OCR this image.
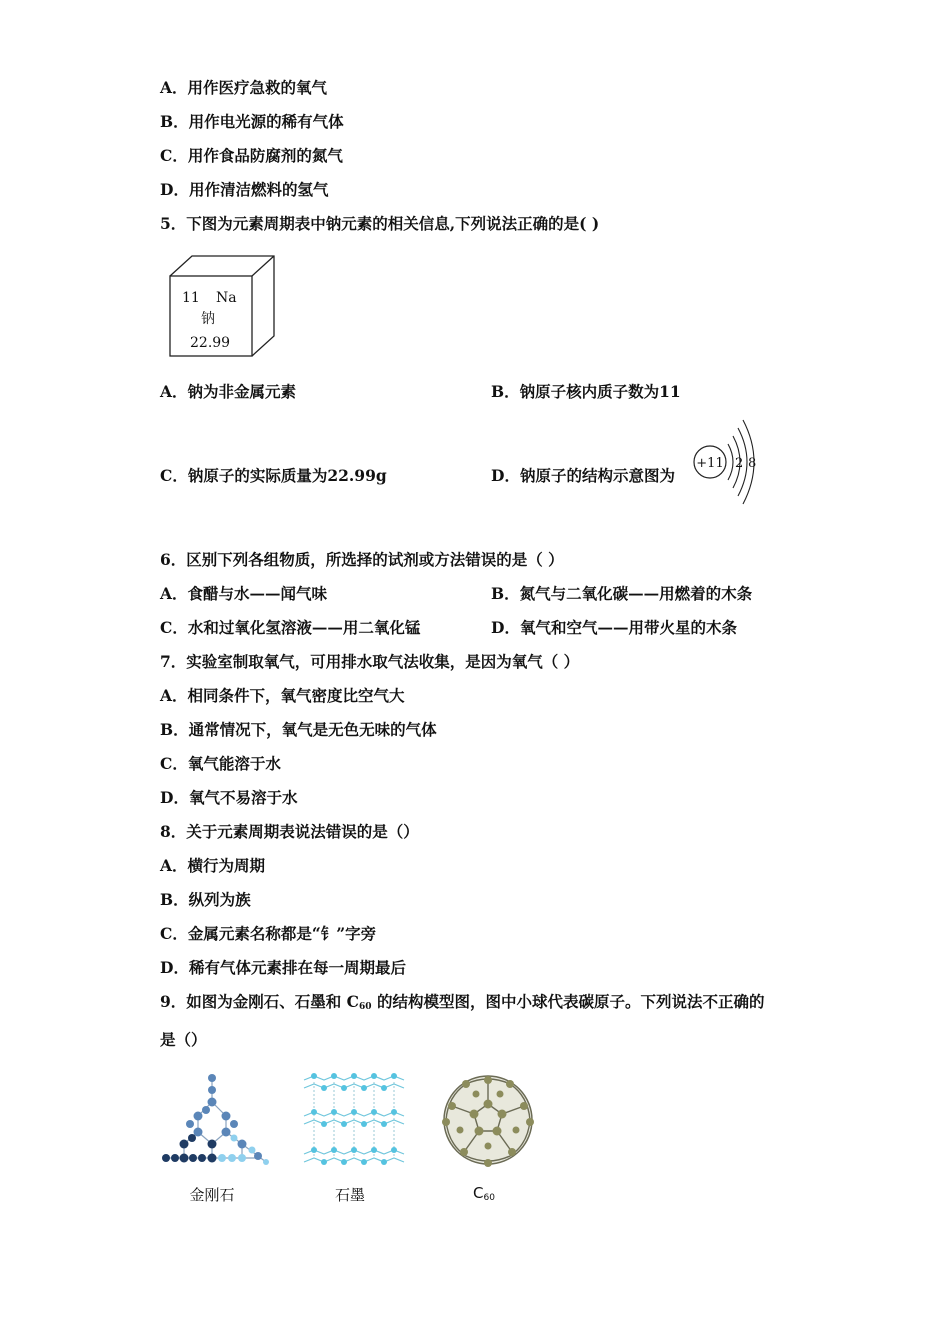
A．用作医疗急救的氧气
B．用作电光源的稀有气体
C．用作食品防腐剂的氮气
D．用作清洁燃料的氢气
5．下图为元素周期表中钠元素的相关信息,下列说法正确的是( )
11 Na
钠
22.99
A．钠为非金属元素	B．钠原子核内质子数为11
C．钠原子的实际质量为22.99g	D．钠原子的结构示意图为
+11 2 8
6．区别下列各组物质，所选择的试剂或方法错误的是（ ）
A．食醋与水——闻气味	B．氮气与二氧化碳——用燃着的木条
C．水和过氧化氢溶液——用二氧化锰	D．氧气和空气——用带火星的木条
7．实验室制取氧气，可用排水取气法收集，是因为氧气（ ）
A．相同条件下，氧气密度比空气大
B．通常情况下，氧气是无色无味的气体
C．氧气能溶于水
D．氧气不易溶于水
8．关于元素周期表说法错误的是（）
A．横行为周期
B．纵列为族
C．金属元素名称都是“钅”字旁
D．稀有气体元素排在每一周期最后
9．如图为金刚石、石墨和 $C_{60}$ 的结构模型图，图中小球代表碳原子。下列说法不正确的
是（）
金刚石	石墨	C60
